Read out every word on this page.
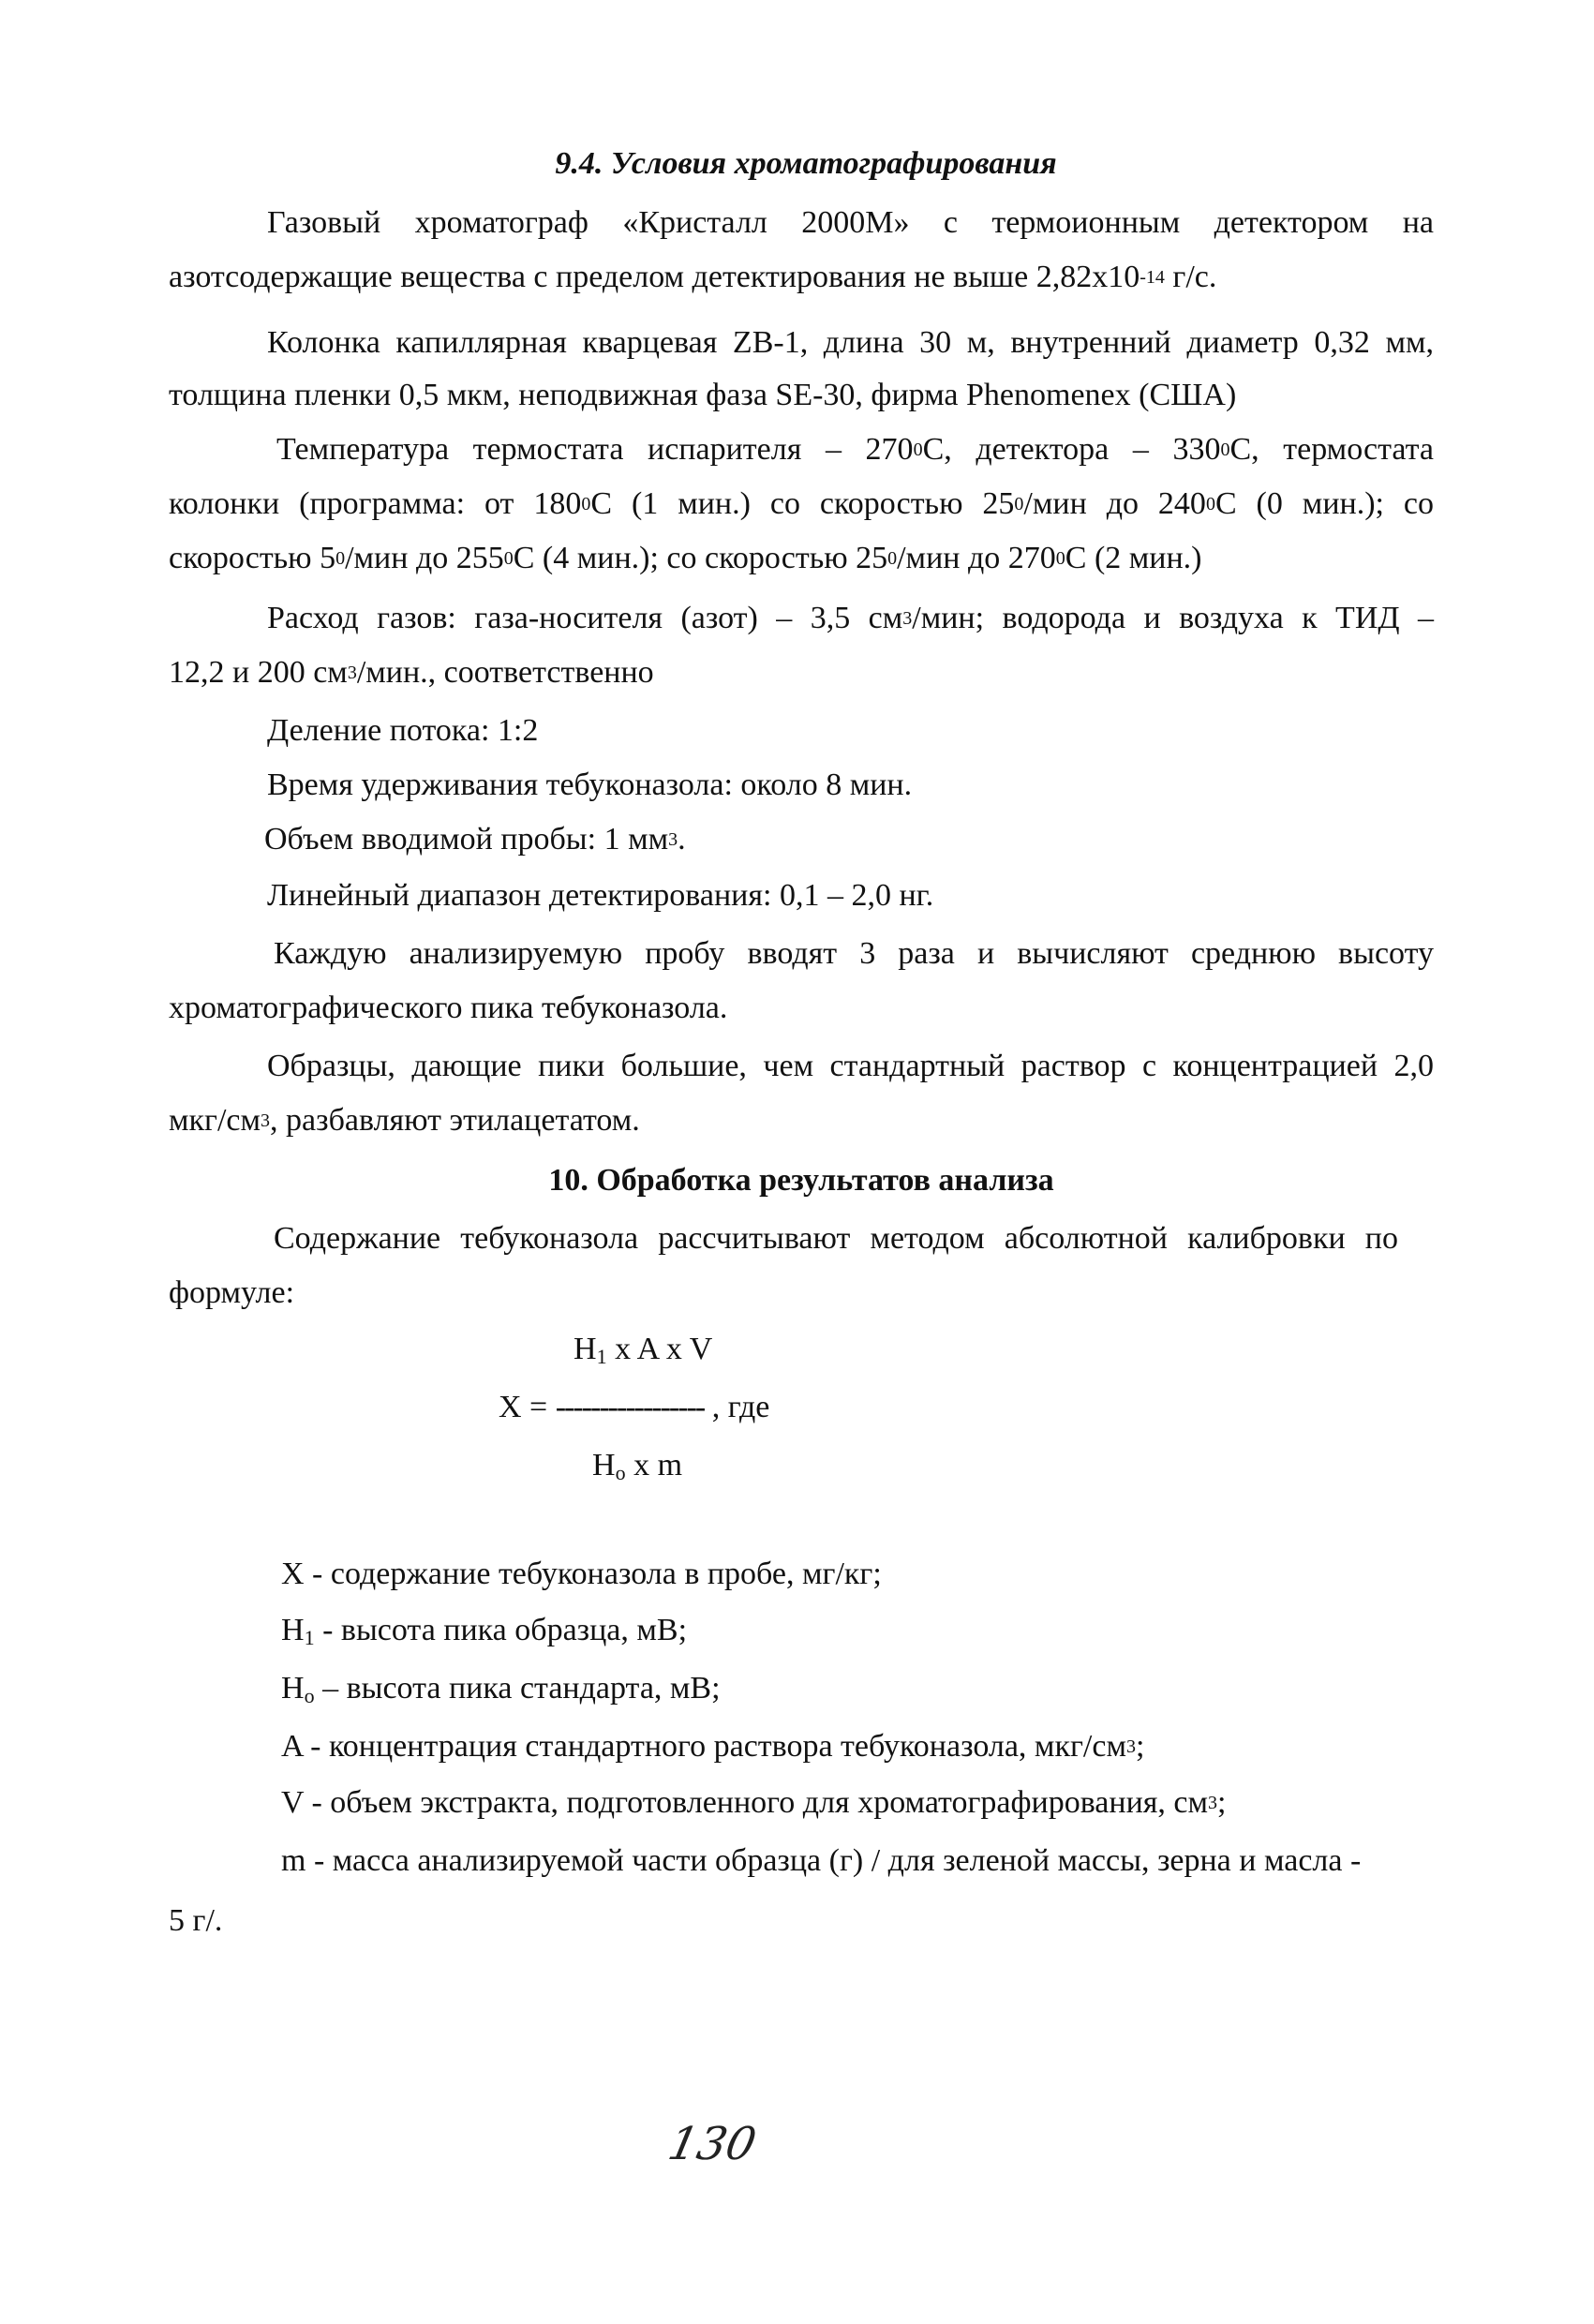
9.4. Условия хроматографирования
Газовый хроматограф «Кристалл 2000М» с термоионным детектором на
азотсодержащие вещества с пределом детектирования не выше $2,82х10^{-14}$ г/с.
Колонка капиллярная кварцевая ZB-1, длина 30 м, внутренний диаметр 0,32 мм,
толщина пленки 0,5 мкм, неподвижная фаза SE-30, фирма Phenomenex (США)
Температура термостата испарителя – $270^0С$, детектора – $330^0С$, термостата
колонки (программа: от $180^0С$ (1 мин.) со скоростью $25^0$/мин до $240^0С$ (0 мин.); со
скоростью $5^0$/мин до $255^0С$ (4 мин.); со скоростью $25^0$/мин до $270^0С$ (2 мин.)
Расход газов: газа-носителя (азот) – 3,5 $см^3$/мин; водорода и воздуха к ТИД –
12,2 и 200 $см^3$/мин., соответственно
Деление потока: 1:2
Время удерживания тебуконазола: около 8 мин.
Объем вводимой пробы: 1 $мм^3$.
Линейный диапазон детектирования: 0,1 – 2,0 нг.
Каждую анализируемую пробу вводят 3 раза и вычисляют среднюю высоту
хроматографического пика тебуконазола.
Образцы, дающие пики большие, чем стандартный раствор с концентрацией 2,0
мкг/$см^3$, разбавляют этилацетатом.
10. Обработка результатов анализа
Содержание тебуконазола рассчитывают методом абсолютной калибровки по
формуле:
$H_1$ x A x V
X = ----------------- , где
$H_o$ x m
X - содержание тебуконазола в пробе, мг/кг;
$H_1$ - высота пика образца, мВ;
$H_o$ – высота пика стандарта, мВ;
A - концентрация стандартного раствора тебуконазола, мкг/$см^3$;
V - объем экстракта, подготовленного для хроматографирования, $см^3$;
m - масса анализируемой части образца (г) / для зеленой массы, зерна и масла -
5 г/.
130
